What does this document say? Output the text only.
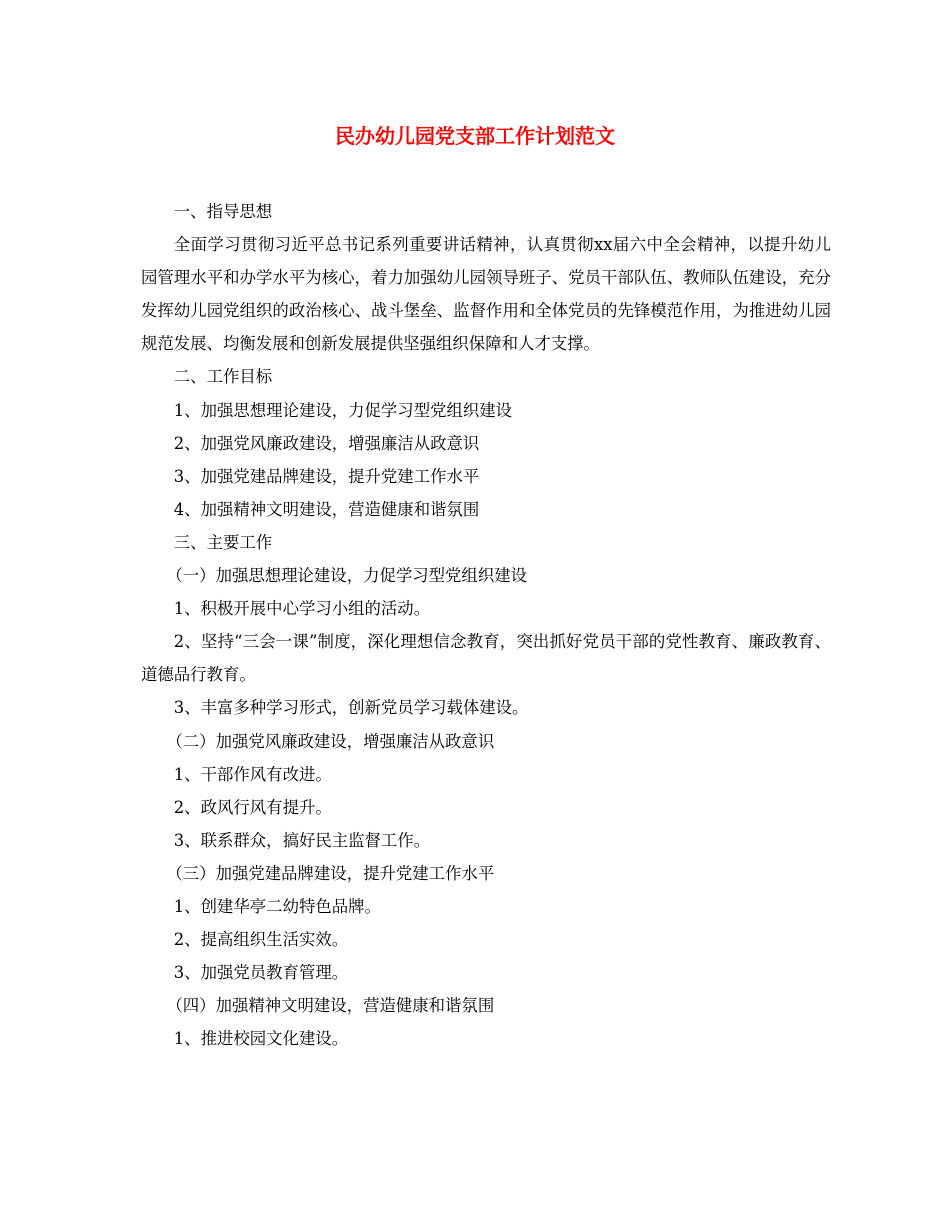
民办幼儿园党支部工作计划范文

一、指导思想

全面学习贯彻习近平总书记系列重要讲话精神，认真贯彻xx届六中全会精神，以提升幼儿园管理水平和办学水平为核心，着力加强幼儿园领导班子、党员干部队伍、教师队伍建设，充分发挥幼儿园党组织的政治核心、战斗堡垒、监督作用和全体党员的先锋模范作用，为推进幼儿园规范发展、均衡发展和创新发展提供坚强组织保障和人才支撑。

二、工作目标

1、加强思想理论建设，力促学习型党组织建设

2、加强党风廉政建设，增强廉洁从政意识

3、加强党建品牌建设，提升党建工作水平

4、加强精神文明建设，营造健康和谐氛围

三、主要工作

（一）加强思想理论建设，力促学习型党组织建设

1、积极开展中心学习小组的活动。

2、坚持“三会一课”制度，深化理想信念教育，突出抓好党员干部的党性教育、廉政教育、道德品行教育。

3、丰富多种学习形式，创新党员学习载体建设。

（二）加强党风廉政建设，增强廉洁从政意识

1、干部作风有改进。

2、政风行风有提升。

3、联系群众，搞好民主监督工作。

（三）加强党建品牌建设，提升党建工作水平

1、创建华亭二幼特色品牌。

2、提高组织生活实效。

3、加强党员教育管理。

（四）加强精神文明建设，营造健康和谐氛围

1、推进校园文化建设。
